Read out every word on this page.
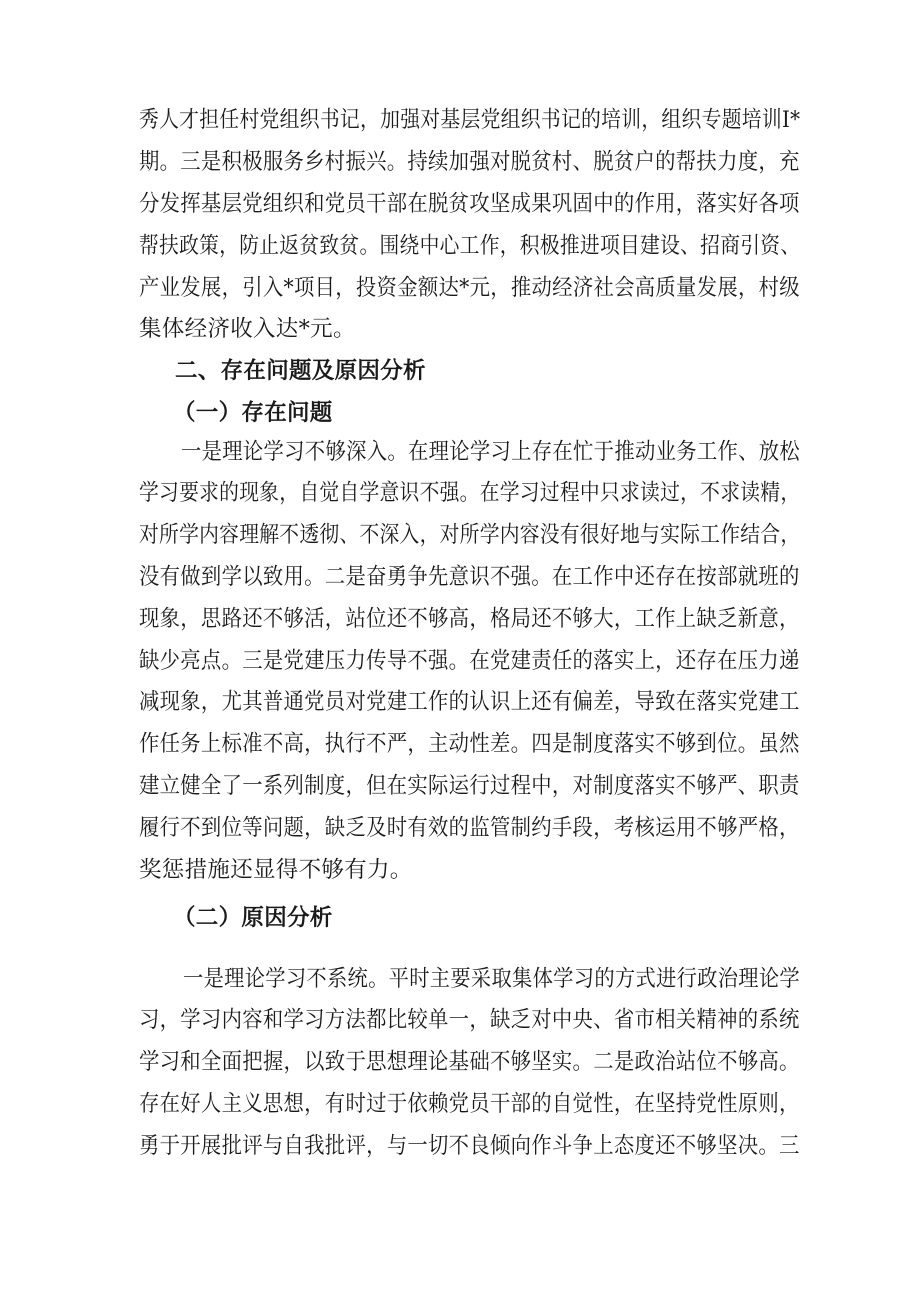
秀人才担任村党组织书记，加强对基层党组织书记的培训，组织专题培训I*
期。三是积极服务乡村振兴。持续加强对脱贫村、脱贫户的帮扶力度，充
分发挥基层党组织和党员干部在脱贫攻坚成果巩固中的作用，落实好各项
帮扶政策，防止返贫致贫。围绕中心工作，积极推进项目建设、招商引资、
产业发展，引入*项目，投资金额达*元，推动经济社会高质量发展，村级
集体经济收入达*元。
二、存在问题及原因分析
（一）存在问题
一是理论学习不够深入。在理论学习上存在忙于推动业务工作、放松
学习要求的现象，自觉自学意识不强。在学习过程中只求读过，不求读精，
对所学内容理解不透彻、不深入，对所学内容没有很好地与实际工作结合，
没有做到学以致用。二是奋勇争先意识不强。在工作中还存在按部就班的
现象，思路还不够活，站位还不够高，格局还不够大，工作上缺乏新意，
缺少亮点。三是党建压力传导不强。在党建责任的落实上，还存在压力递
减现象，尤其普通党员对党建工作的认识上还有偏差，导致在落实党建工
作任务上标准不高，执行不严，主动性差。四是制度落实不够到位。虽然
建立健全了一系列制度，但在实际运行过程中，对制度落实不够严、职责
履行不到位等问题，缺乏及时有效的监管制约手段，考核运用不够严格，
奖惩措施还显得不够有力。
（二）原因分析
一是理论学习不系统。平时主要采取集体学习的方式进行政治理论学
习，学习内容和学习方法都比较单一，缺乏对中央、省市相关精神的系统
学习和全面把握，以致于思想理论基础不够坚实。二是政治站位不够高。
存在好人主义思想，有时过于依赖党员干部的自觉性，在坚持党性原则，
勇于开展批评与自我批评，与一切不良倾向作斗争上态度还不够坚决。三
